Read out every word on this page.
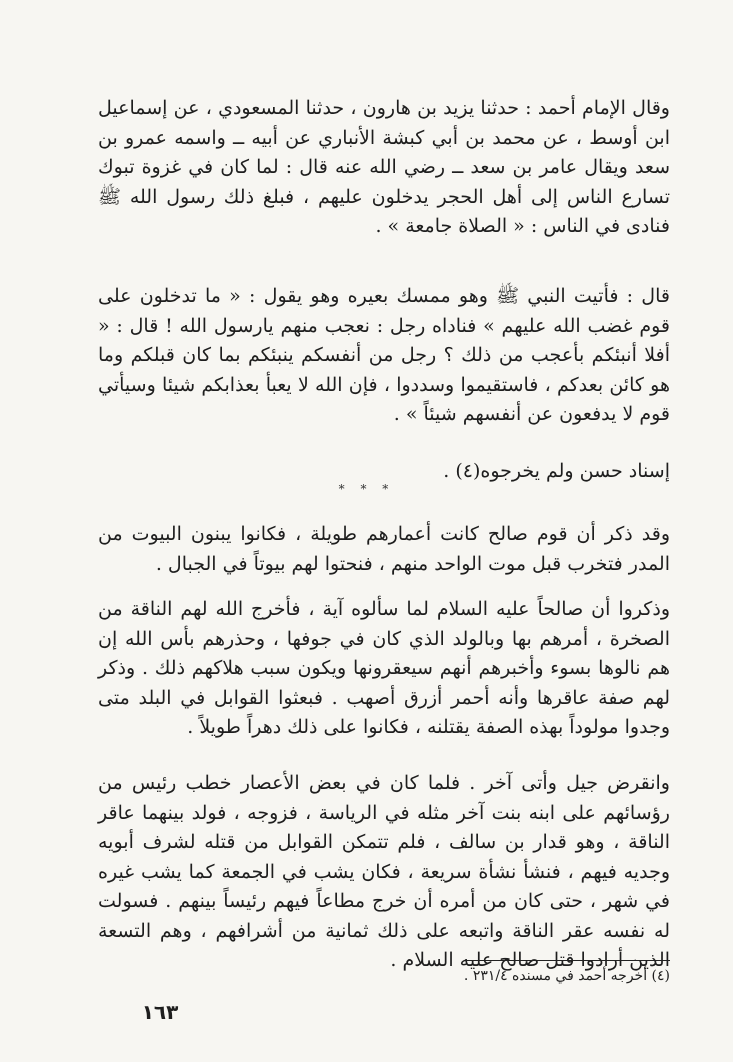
وقال الإمام أحمد : حدثنا يزيد بن هارون ، حدثنا المسعودي ، عن إسماعيل ابن أوسط ، عن محمد بن أبي كبشة الأنباري عن أبيه ــ واسمه عمرو بن سعد ويقال عامر بن سعد ــ رضي الله عنه قال : لما كان في غزوة تبوك تسارع الناس إلى أهل الحجر يدخلون عليهم ، فبلغ ذلك رسول الله ﷺ فنادى في الناس : « الصلاة جامعة » .

قال : فأتيت النبي ﷺ وهو ممسك بعيره وهو يقول : « ما تدخلون على قوم غضب الله عليهم » فناداه رجل : نعجب منهم يارسول الله ! قال : « أفلا أنبئكم بأعجب من ذلك ؟ رجل من أنفسكم ينبئكم بما كان قبلكم وما هو كائن بعدكم ، فاستقيموا وسددوا ، فإن الله لا يعبأ بعذابكم شيئا وسيأتي قوم لا يدفعون عن أنفسهم شيئاً » .

إسناد حسن ولم يخرجوه(٤) .

* * *

وقد ذكر أن قوم صالح كانت أعمارهم طويلة ، فكانوا يبنون البيوت من المدر فتخرب قبل موت الواحد منهم ، فنحتوا لهم بيوتاً في الجبال .

وذكروا أن صالحاً عليه السلام لما سألوه آية ، فأخرج الله لهم الناقة من الصخرة ، أمرهم بها وبالولد الذي كان في جوفها ، وحذرهم بأس الله إن هم نالوها بسوء وأخبرهم أنهم سيعقرونها ويكون سبب هلاكهم ذلك . وذكر لهم صفة عاقرها وأنه أحمر أزرق أصهب . فبعثوا القوابل في البلد متى وجدوا مولوداً بهذه الصفة يقتلنه ، فكانوا على ذلك دهراً طويلاً .

وانقرض جيل وأتى آخر . فلما كان في بعض الأعصار خطب رئيس من رؤسائهم على ابنه بنت آخر مثله في الرياسة ، فزوجه ، فولد بينهما عاقر الناقة ، وهو قدار بن سالف ، فلم تتمكن القوابل من قتله لشرف أبويه وجديه فيهم ، فنشأ نشأة سريعة ، فكان يشب في الجمعة كما يشب غيره في شهر ، حتى كان من أمره أن خرج مطاعاً فيهم رئيساً بينهم . فسولت له نفسه عقر الناقة واتبعه على ذلك ثمانية من أشرافهم ، وهم التسعة الذين أرادوا قتل صالح عليه السلام .

(٤) أخرجه أحمد في مسنده ٢٣١/٤ .
١٦٣
